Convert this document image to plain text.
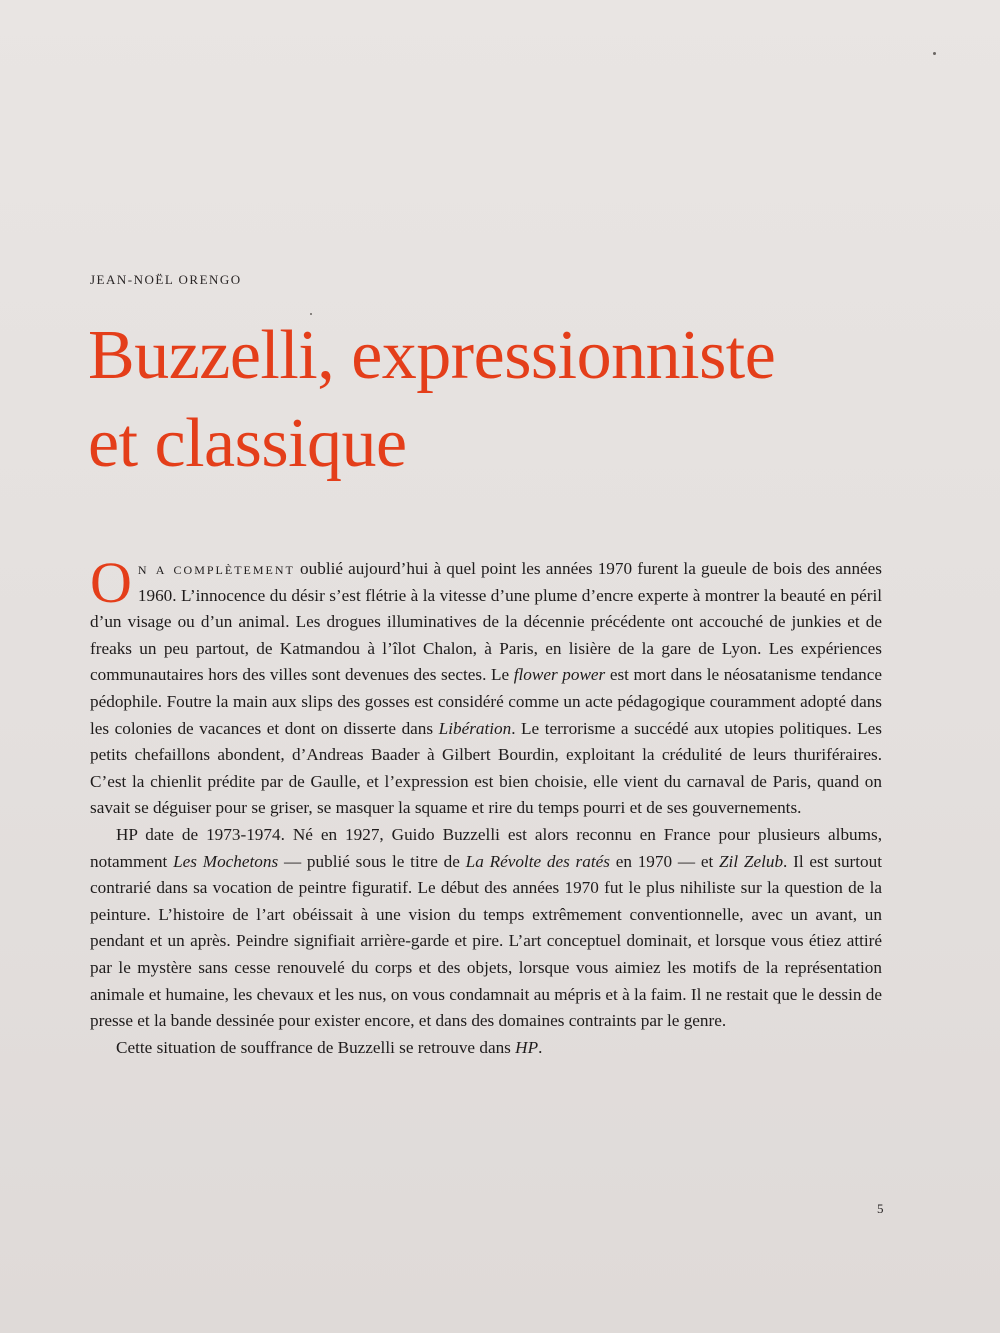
JEAN-NOËL ORENGO
Buzzelli, expressionniste
et classique

On a complètement oublié aujourd’hui à quel point les années 1970 furent la gueule de bois des années 1960. L’innocence du désir s’est flétrie à la vitesse d’une plume d’encre experte à montrer la beauté en péril d’un visage ou d’un animal. Les drogues illuminatives de la décennie précédente ont accouché de junkies et de freaks un peu partout, de Katmandou à l’îlot Chalon, à Paris, en lisière de la gare de Lyon. Les expériences communautaires hors des villes sont devenues des sectes. Le flower power est mort dans le néosatanisme tendance pédophile. Foutre la main aux slips des gosses est considéré comme un acte pédagogique couramment adopté dans les colonies de vacances et dont on disserte dans Libération. Le terrorisme a succédé aux utopies politiques. Les petits chefaillons abondent, d’Andreas Baader à Gilbert Bourdin, exploitant la crédulité de leurs thuriféraires. C’est la chienlit prédite par de Gaulle, et l’expression est bien choisie, elle vient du carnaval de Paris, quand on savait se déguiser pour se griser, se masquer la squame et rire du temps pourri et de ses gouvernements.

HP date de 1973-1974. Né en 1927, Guido Buzzelli est alors reconnu en France pour plusieurs albums, notamment Les Mochetons — publié sous le titre de La Révolte des ratés en 1970 — et Zil Zelub. Il est surtout contrarié dans sa vocation de peintre figuratif. Le début des années 1970 fut le plus nihiliste sur la question de la peinture. L’histoire de l’art obéissait à une vision du temps extrêmement conventionnelle, avec un avant, un pendant et un après. Peindre signifiait arrière-garde et pire. L’art conceptuel dominait, et lorsque vous étiez attiré par le mystère sans cesse renouvelé du corps et des objets, lorsque vous aimiez les motifs de la représentation animale et humaine, les chevaux et les nus, on vous condamnait au mépris et à la faim. Il ne restait que le dessin de presse et la bande dessinée pour exister encore, et dans des domaines contraints par le genre.

Cette situation de souffrance de Buzzelli se retrouve dans HP.

5
